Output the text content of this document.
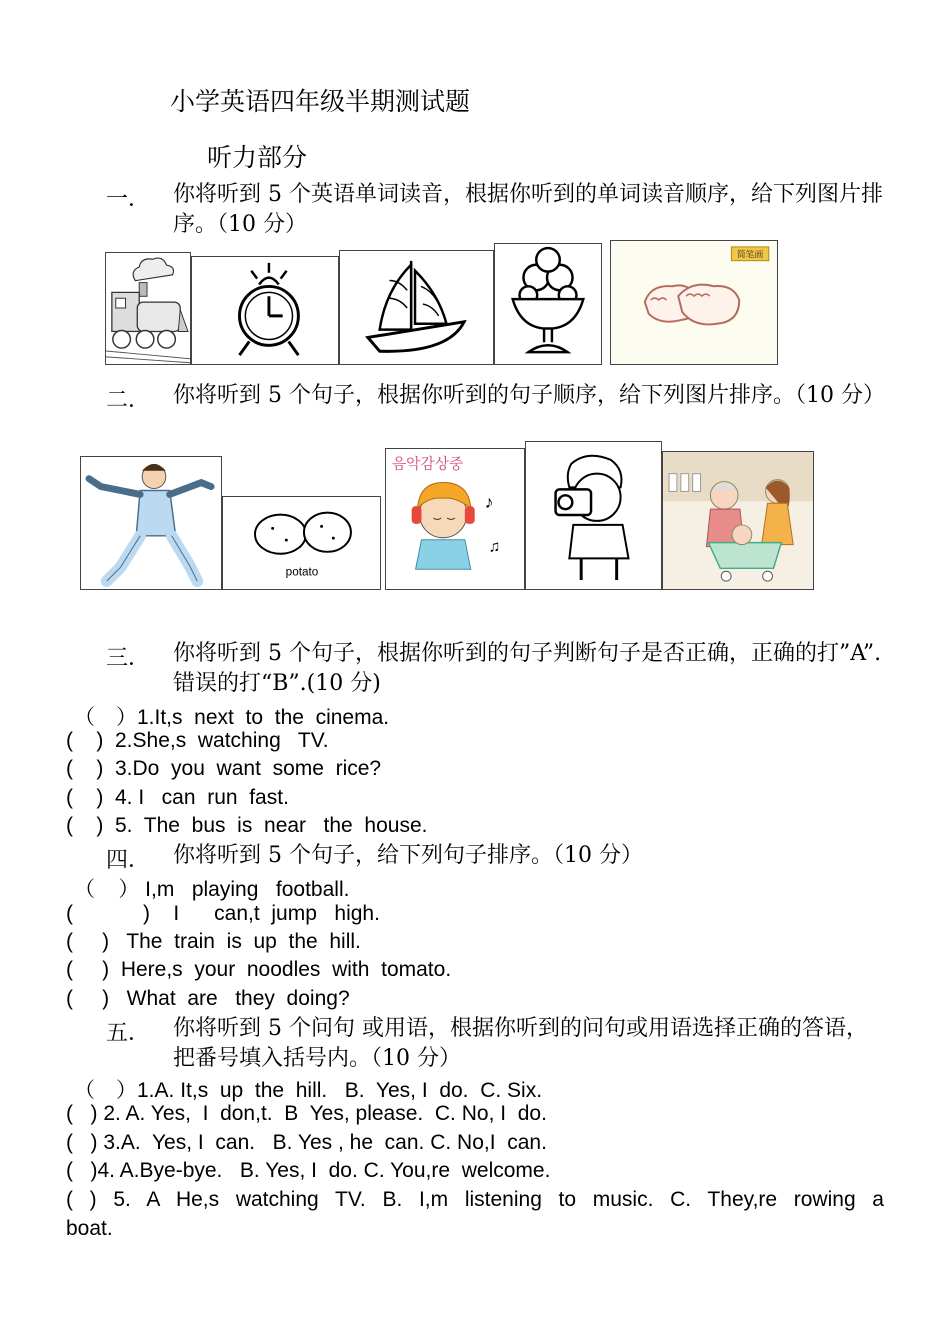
小学英语四年级半期测试题
听力部分
一． 你将听到 5 个英语单词读音，根据你听到的单词读音顺序，给下列图片排序。（10 分）
简笔画
二． 你将听到 5 个句子，根据你听到的句子顺序，给下列图片排序。（10 分）
potato
음악감상중
♪
♫
三． 你将听到 5 个句子，根据你听到的句子判断句子是否正确，正确的打”A”.错误的打“B”.(10 分)
（　）1.It,s  next  to  the  cinema.
(    )  2.She,s  watching   TV.
(    )  3.Do  you  want  some  rice?
(    )  4. I   can  run  fast.
(    )  5.  The  bus  is  near   the  house.
四． 你将听到 5 个句子，给下列句子排序。（10 分）
（    ） I,m   playing   football.
(            )    I      can,t  jump   high.
(     )   The  train  is  up  the  hill.
(     )  Here,s  your  noodles  with  tomato.
(     )   What  are   they  doing?
五． 你将听到 5 个问句 或用语，根据你听到的问句或用语选择正确的答语，把番号填入括号内。（10 分）
（　）1.A. It,s  up  the  hill.   B.  Yes, I  do.  C. Six.
(   ) 2. A. Yes,  I  don,t.  B  Yes, please.  C. No, I  do.
(   ) 3.A.  Yes, I  can.   B. Yes , he  can. C. No,I  can.
(   )4. A.Bye-bye.   B. Yes, I  do. C. You,re  welcome.
( ) 5. A He,s watching TV. B. I,m listening to music. C. They,re rowing a
boat.
